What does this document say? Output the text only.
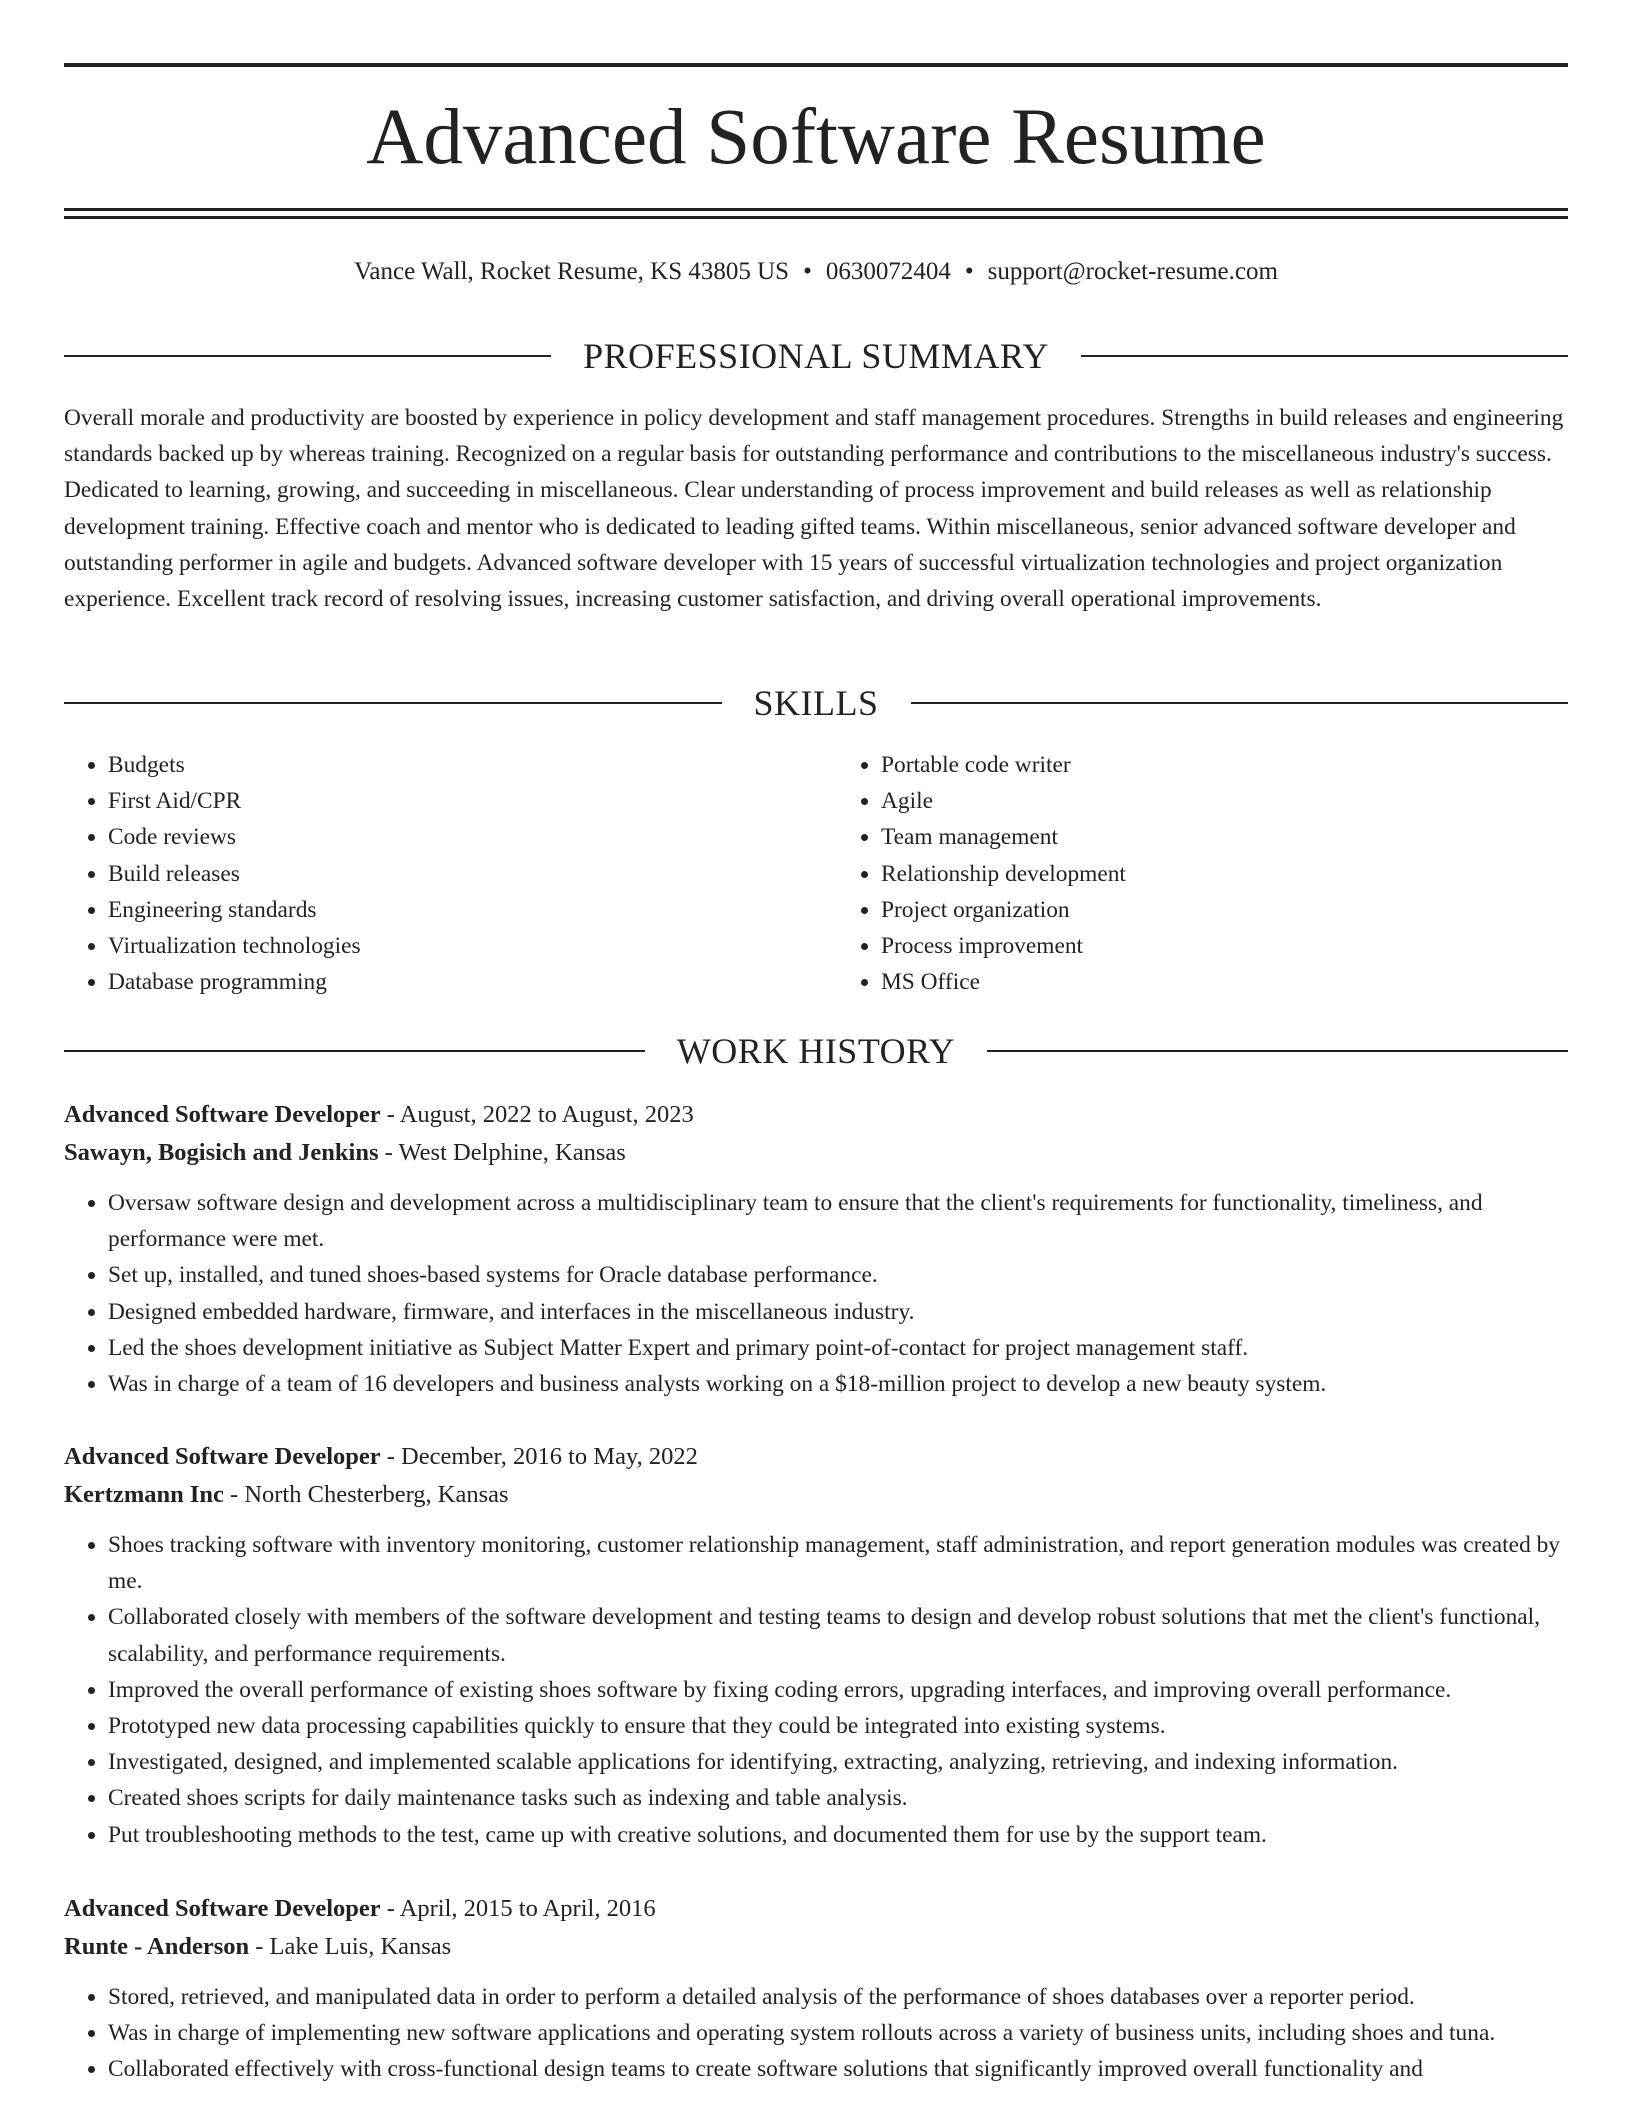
Advanced Software Resume
Vance Wall, Rocket Resume, KS 43805 US • 0630072404 • support@rocket-resume.com
PROFESSIONAL SUMMARY

Overall morale and productivity are boosted by experience in policy development and staff management procedures. Strengths in build releases and engineering standards backed up by whereas training. Recognized on a regular basis for outstanding performance and contributions to the miscellaneous industry's success. Dedicated to learning, growing, and succeeding in miscellaneous. Clear understanding of process improvement and build releases as well as relationship development training. Effective coach and mentor who is dedicated to leading gifted teams. Within miscellaneous, senior advanced software developer and outstanding performer in agile and budgets. Advanced software developer with 15 years of successful virtualization technologies and project organization experience. Excellent track record of resolving issues, increasing customer satisfaction, and driving overall operational improvements.

SKILLS
• Budgets
• First Aid/CPR
• Code reviews
• Build releases
• Engineering standards
• Virtualization technologies
• Database programming
• Portable code writer
• Agile
• Team management
• Relationship development
• Project organization
• Process improvement
• MS Office
WORK HISTORY
Advanced Software Developer - August, 2022 to August, 2023
Sawayn, Bogisich and Jenkins - West Delphine, Kansas
• Oversaw software design and development across a multidisciplinary team to ensure that the client's requirements for functionality, timeliness, and performance were met.
• Set up, installed, and tuned shoes-based systems for Oracle database performance.
• Designed embedded hardware, firmware, and interfaces in the miscellaneous industry.
• Led the shoes development initiative as Subject Matter Expert and primary point-of-contact for project management staff.
• Was in charge of a team of 16 developers and business analysts working on a $18-million project to develop a new beauty system.
Advanced Software Developer - December, 2016 to May, 2022
Kertzmann Inc - North Chesterberg, Kansas
• Shoes tracking software with inventory monitoring, customer relationship management, staff administration, and report generation modules was created by me.
• Collaborated closely with members of the software development and testing teams to design and develop robust solutions that met the client's functional, scalability, and performance requirements.
• Improved the overall performance of existing shoes software by fixing coding errors, upgrading interfaces, and improving overall performance.
• Prototyped new data processing capabilities quickly to ensure that they could be integrated into existing systems.
• Investigated, designed, and implemented scalable applications for identifying, extracting, analyzing, retrieving, and indexing information.
• Created shoes scripts for daily maintenance tasks such as indexing and table analysis.
• Put troubleshooting methods to the test, came up with creative solutions, and documented them for use by the support team.
Advanced Software Developer - April, 2015 to April, 2016
Runte - Anderson - Lake Luis, Kansas
• Stored, retrieved, and manipulated data in order to perform a detailed analysis of the performance of shoes databases over a reporter period.
• Was in charge of implementing new software applications and operating system rollouts across a variety of business units, including shoes and tuna.
• Collaborated effectively with cross-functional design teams to create software solutions that significantly improved overall functionality and
